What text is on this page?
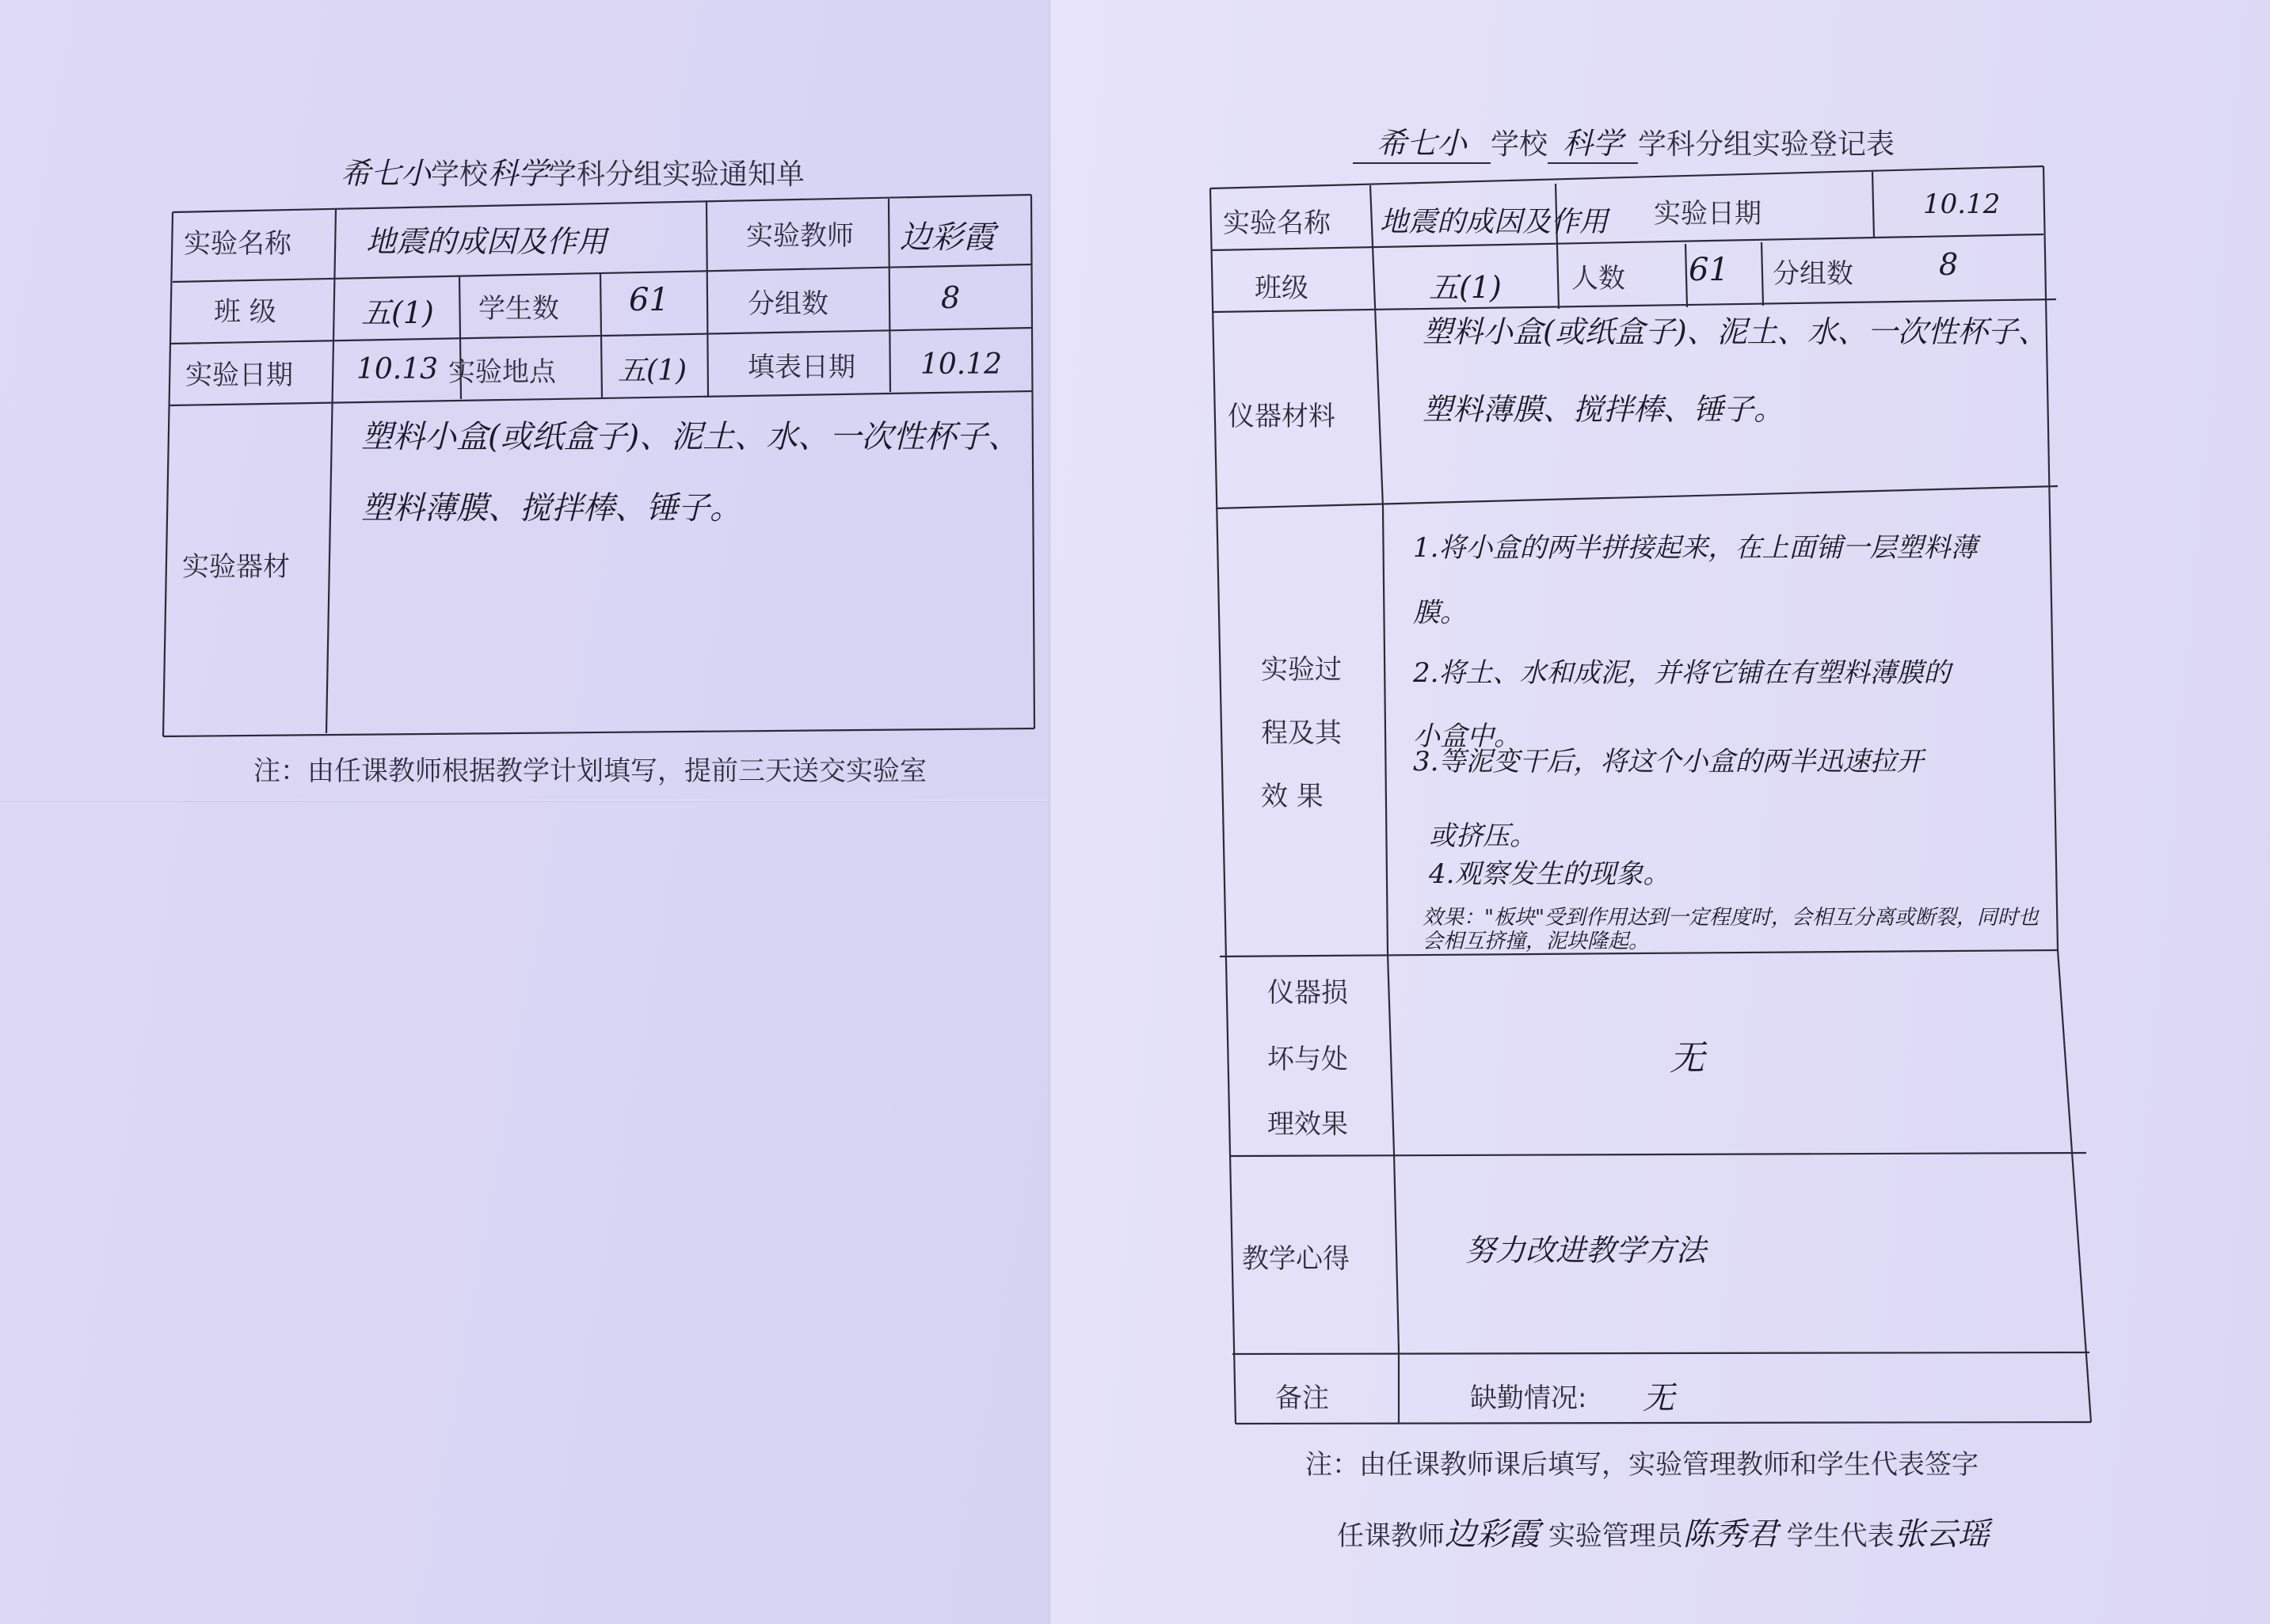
希七小学校科学学科分组实验通知单
实验名称 地震的成因及作用	实验教师 边彩霞
班 级	五(1) 学生数 61	分组数	8
实验日期 10.13 实验地点 五(1) 填表日期 10.12
实验器材
塑料小盒(或纸盒子)、泥土、水、一次性杯子、
塑料薄膜、搅拌棒、锤子。
注：由任课教师根据教学计划填写，提前三天送交实验室
希七小 学校 科学 学科分组实验登记表
实验名称 地震的成因及作用 实验日期	10.12
班级	五(1)	人数 61 分组数	8
仪器材料
塑料小盒(或纸盒子)、泥土、水、一次性杯子、
塑料薄膜、搅拌棒、锤子。
实验过
程及其
效 果
1.将小盒的两半拼接起来，在上面铺一层塑料薄
膜。
2.将土、水和成泥，并将它铺在有塑料薄膜的
小盒中。
3.等泥变干后，将这个小盒的两半迅速拉开
或挤压。
4.观察发生的现象。
效果："板块"受到作用达到一定程度时，会相互分离或断裂，同时也会相互挤撞，泥块隆起。
仪器损
坏与处
理效果
无
教学心得	努力改进教学方法
备注	缺勤情况: 无
注：由任课教师课后填写，实验管理教师和学生代表签字
任课教师边彩霞 实验管理员陈秀君 学生代表张云瑶
